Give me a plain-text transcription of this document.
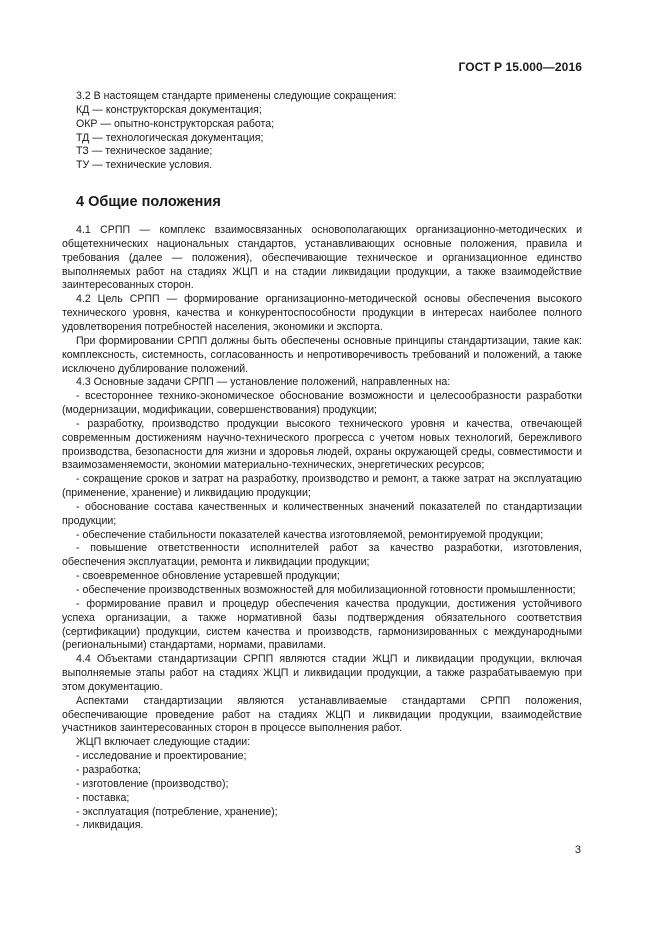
ГОСТ Р 15.000—2016

3.2 В настоящем стандарте применены следующие сокращения:

КД — конструкторская документация;

ОКР — опытно-конструкторская работа;

ТД — технологическая документация;

ТЗ — техническое задание;

ТУ — технические условия.

4 Общие положения

4.1 СРПП — комплекс взаимосвязанных основополагающих организационно-методических и общетехнических национальных стандартов, устанавливающих основные положения, правила и требования (далее — положения), обеспечивающие техническое и организационное единство выполняемых работ на стадиях ЖЦП и на стадии ликвидации продукции, а также взаимодействие заинтересованных сторон.

4.2 Цель СРПП — формирование организационно-методической основы обеспечения высокого технического уровня, качества и конкурентоспособности продукции в интересах наиболее полного удовлетворения потребностей населения, экономики и экспорта.

При формировании СРПП должны быть обеспечены основные принципы стандартизации, такие как: комплексность, системность, согласованность и непротиворечивость требований и положений, а также исключено дублирование положений.

4.3 Основные задачи СРПП — установление положений, направленных на:

- всестороннее технико-экономическое обоснование возможности и целесообразности разработки (модернизации, модификации, совершенствования) продукции;

- разработку, производство продукции высокого технического уровня и качества, отвечающей современным достижениям научно-технического прогресса с учетом новых технологий, бережливого производства, безопасности для жизни и здоровья людей, охраны окружающей среды, совместимости и взаимозаменяемости, экономии материально-технических, энергетических ресурсов;

- сокращение сроков и затрат на разработку, производство и ремонт, а также затрат на эксплуатацию (применение, хранение) и ликвидацию продукции;

- обоснование состава качественных и количественных значений показателей по стандартизации продукции;

- обеспечение стабильности показателей качества изготовляемой, ремонтируемой продукции;

- повышение ответственности исполнителей работ за качество разработки, изготовления, обеспечения эксплуатации, ремонта и ликвидации продукции;

- своевременное обновление устаревшей продукции;

- обеспечение производственных возможностей для мобилизационной готовности промышленности;

- формирование правил и процедур обеспечения качества продукции, достижения устойчивого успеха организации, а также нормативной базы подтверждения обязательного соответствия (сертификации) продукции, систем качества и производств, гармонизированных с международными (региональными) стандартами, нормами, правилами.

4.4 Объектами стандартизации СРПП являются стадии ЖЦП и ликвидации продукции, включая выполняемые этапы работ на стадиях ЖЦП и ликвидации продукции, а также разрабатываемую при этом документацию.

Аспектами стандартизации являются устанавливаемые стандартами СРПП положения, обеспечивающие проведение работ на стадиях ЖЦП и ликвидации продукции, взаимодействие участников заинтересованных сторон в процессе выполнения работ.

ЖЦП включает следующие стадии:

- исследование и проектирование;

- разработка;

- изготовление (производство);

- поставка;

- эксплуатация (потребление, хранение);

- ликвидация.

3
